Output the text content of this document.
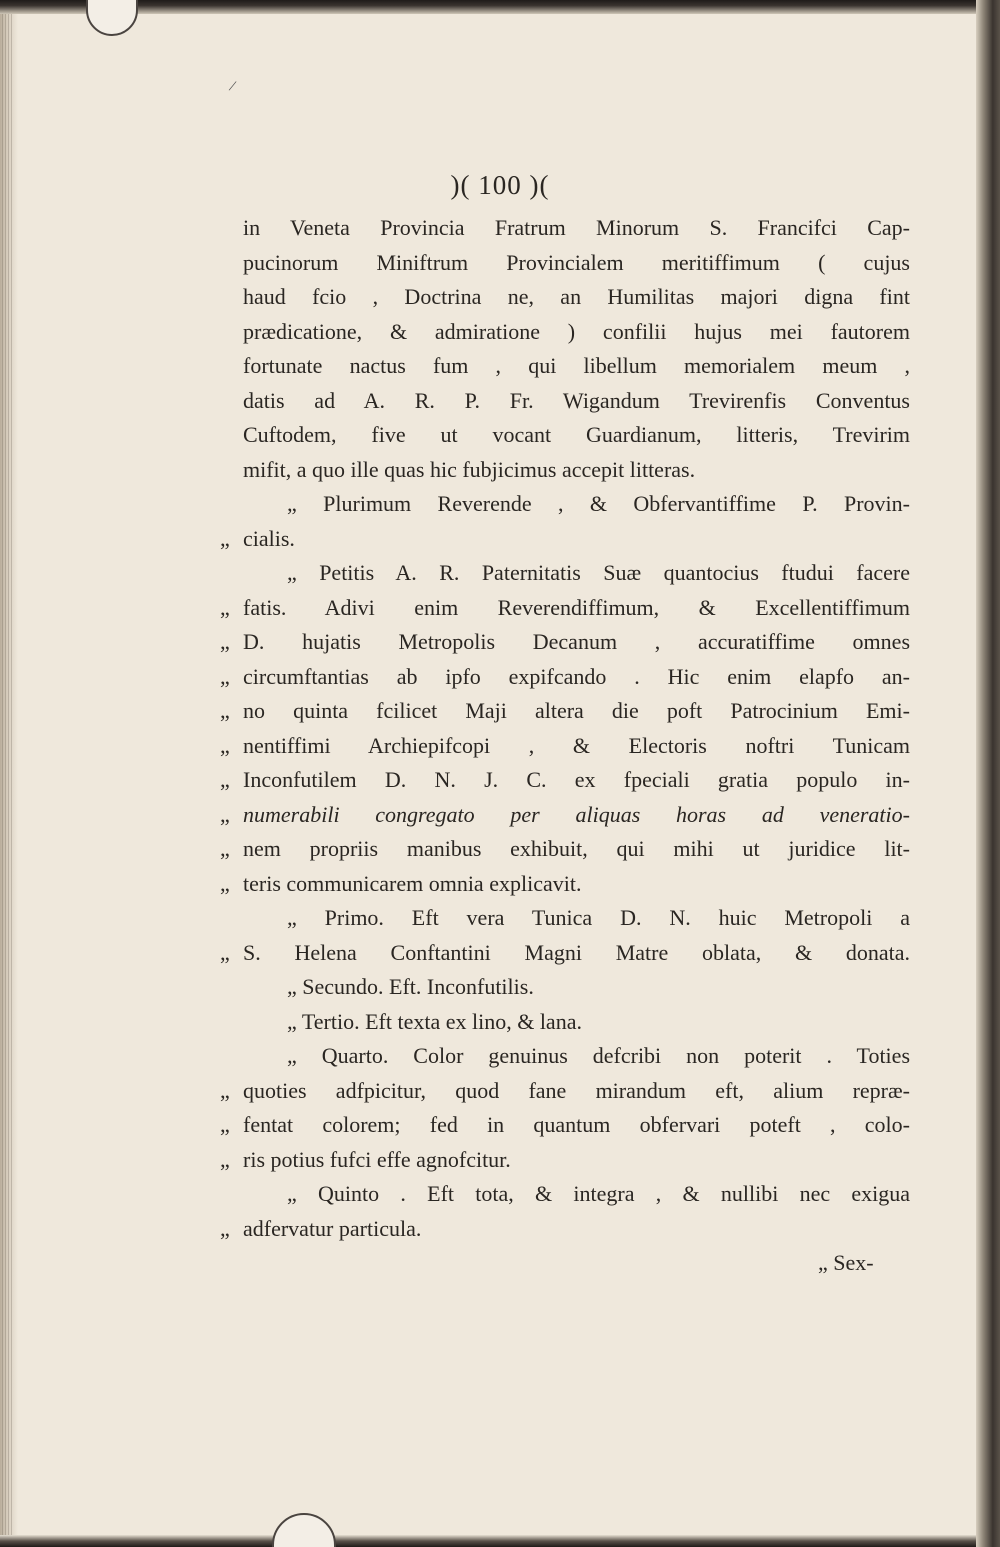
/
)( 100 )(
in Veneta Provincia Fratrum Minorum S. Francifci Cap-
pucinorum Miniftrum Provincialem meritiffimum ( cujus
haud fcio , Doctrina ne, an Humilitas majori digna fint
prædicatione, & admiratione ) confilii hujus mei fautorem
fortunate nactus fum , qui libellum memorialem meum ,
datis ad A. R. P. Fr. Wigandum Trevirenfis Conventus
Cuftodem, five ut vocant Guardianum, litteris, Trevirim
mifit, a quo ille quas hic fubjicimus accepit litteras.
„ Plurimum Reverende , & Obfervantiffime P. Provin-
„ cialis.
„ Petitis A. R. Paternitatis Suæ quantocius ftudui facere
„ fatis. Adivi enim Reverendiffimum, & Excellentiffimum
„ D. hujatis Metropolis Decanum , accuratiffime omnes
„ circumftantias ab ipfo expifcando . Hic enim elapfo an-
„ no quinta fcilicet Maji altera die poft Patrocinium Emi-
„ nentiffimi Archiepifcopi , & Electoris noftri Tunicam
„ Inconfutilem D. N. J. C. ex fpeciali gratia populo in-
„ numerabili congregato per aliquas horas ad veneratio-
„ nem propriis manibus exhibuit, qui mihi ut juridice lit-
„ teris communicarem omnia explicavit.
„ Primo. Eft vera Tunica D. N. huic Metropoli a
„ S. Helena Conftantini Magni Matre oblata, & donata.
„ Secundo. Eft. Inconfutilis.
„ Tertio. Eft texta ex lino, & lana.
„ Quarto. Color genuinus defcribi non poterit . Toties
„ quoties adfpicitur, quod fane mirandum eft, alium repræ-
„ fentat colorem; fed in quantum obfervari poteft , colo-
„ ris potius fufci effe agnofcitur.
„ Quinto . Eft tota, & integra , & nullibi nec exigua
„ adfervatur particula.
„ Sex-
